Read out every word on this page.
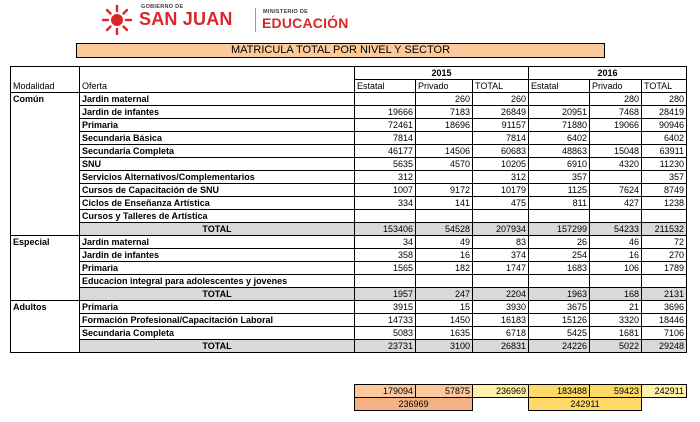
GOBIERNO DE
SAN JUAN	MINISTERIO DE
EDUCACIÓN
MATRICULA TOTAL POR NIVEL Y SECTOR
		2015			2016		
Modalidad	Oferta	Estatal	Privado	TOTAL	Estatal	Privado	TOTAL
Común	Jardin maternal		260	260		280	280
	Jardin de infantes	19666	7183	26849	20951	7468	28419
	Primaria	72461	18696	91157	71880	19066	90946
	Secundaria Básica	7814		7814	6402		6402
	Secundaria Completa	46177	14506	60683	48863	15048	63911
	SNU	5635	4570	10205	6910	4320	11230
	Servicios Alternativos/Complementarios	312		312	357		357
	Cursos de Capacitación de SNU	1007	9172	10179	1125	7624	8749
	Ciclos de Enseñanza Artística	334	141	475	811	427	1238
	Cursos y Talleres de Artística						
	TOTAL	153406	54528	207934	157299	54233	211532
Especial	Jardin maternal	34	49	83	26	46	72
	Jardin de infantes	358	16	374	254	16	270
	Primaria	1565	182	1747	1683	106	1789
	Educacion integral para adolescentes y jovenes						
	TOTAL	1957	247	2204	1963	168	2131
Adultos	Primaria	3915	15	3930	3675	21	3696
	Formación Profesional/Capacitación Laboral	14733	1450	16183	15126	3320	18446
	Secundaria Completa	5083	1635	6718	5425	1681	7106
	TOTAL	23731	3100	26831	24226	5022	29248
179094	57875	236969	183488	59423	242911
236969			242911		
